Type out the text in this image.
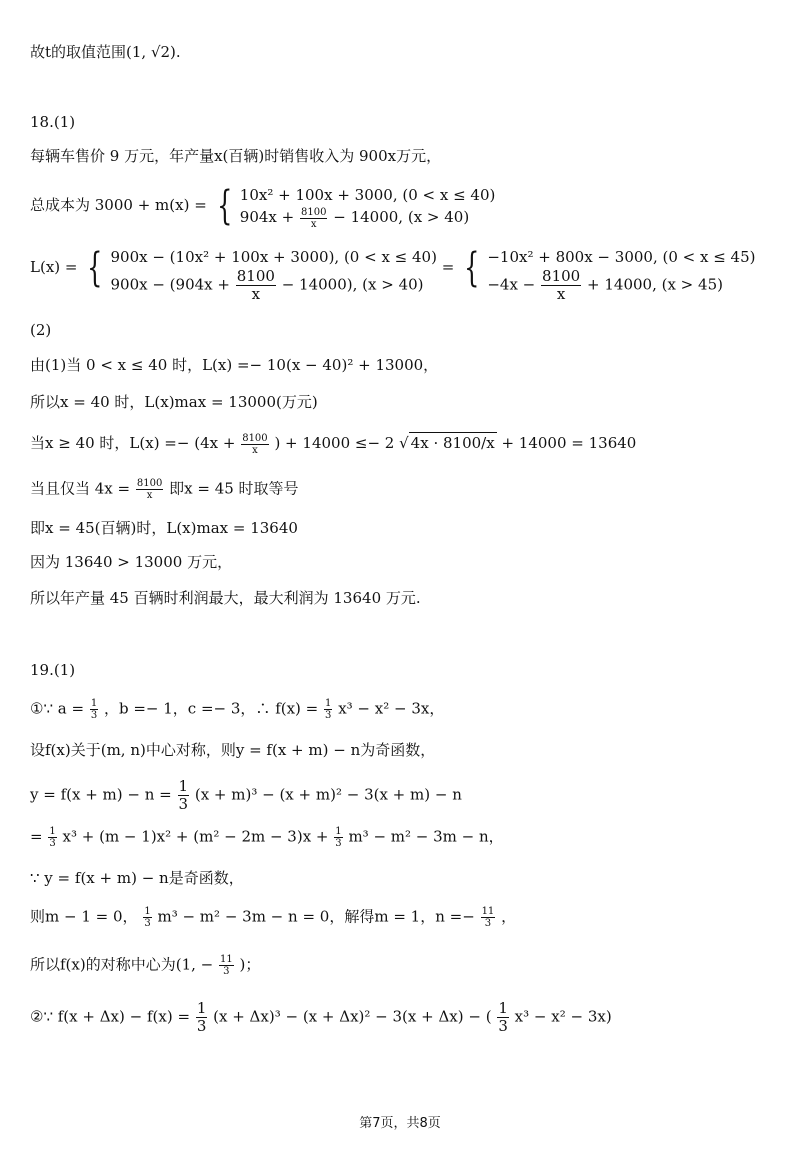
故t的取值范围(1, √2).
18.(1)
每辆车售价 9 万元，年产量x(百辆)时销售收入为 900x万元，
总成本为 3000 + m(x) = { 10x² + 100x + 3000, (0 < x ≤ 40)
$904x + \frac{8100}{x} - 14000$, (x > 40)
L(x) = { 900x − (10x² + 100x + 3000), (0 < x ≤ 40)
$900x - (904x + \frac{8100}{x} - 14000)$, (x > 40)
= { −10x² + 800x − 3000, (0 < x ≤ 45)
$-4x - \frac{8100}{x} + 14000$, (x > 45)
(2)
由(1)当 0 < x ≤ 40 时，L(x) =− 10(x − 40)² + 13000，
所以x = 40 时，L(x)max = 13000(万元)
当x ≥ 40 时，$L(x) =- (4x + \frac{8100}{x}$ ) + 14000 ≤− 2 √ 4x · 8100/x + 14000 = 13640
当且仅当 $4x = \frac{8100}{x}$ 即x = 45 时取等号
即x = 45(百辆)时，L(x)max = 13640
因为 13640 > 13000 万元，
所以年产量 45 百辆时利润最大，最大利润为 13640 万元.
19.(1)
①∵ $a = \frac{1}{3}$ ，b =− 1，c =− 3，∴ $f(x) = \frac{1}{3} x^3 - x^2 - 3x$，
设f(x)关于(m, n)中心对称，则y = f(x + m) − n为奇函数，
$y = f(x + m) - n = \frac{1}{3} (x + m)^3 - (x + m)^2 - 3(x + m) - n$
= $\frac{1}{3} x^3 + (m - 1)x^2 + (m^2 - 2m - 3)x + \frac{1}{3} m^3 - m^2 - 3m - n$，
∵ y = f(x + m) − n是奇函数，
则m − 1 = 0， $\frac{1}{3} m^3 - m^2 - 3m - n = 0$，解得m = 1，$n =- \frac{11}{3}$ ，
所以f(x)的对称中心为(1, − $\frac{11}{3}$ )；
②∵ $f(x + \Delta x) - f(x) = \frac{1}{3} (x + \Delta x)^3 - (x + \Delta x)^2 - 3(x + \Delta x)$ − ( $\frac{1}{3} x^3 - x^2 - 3x$)
第7页，共8页
